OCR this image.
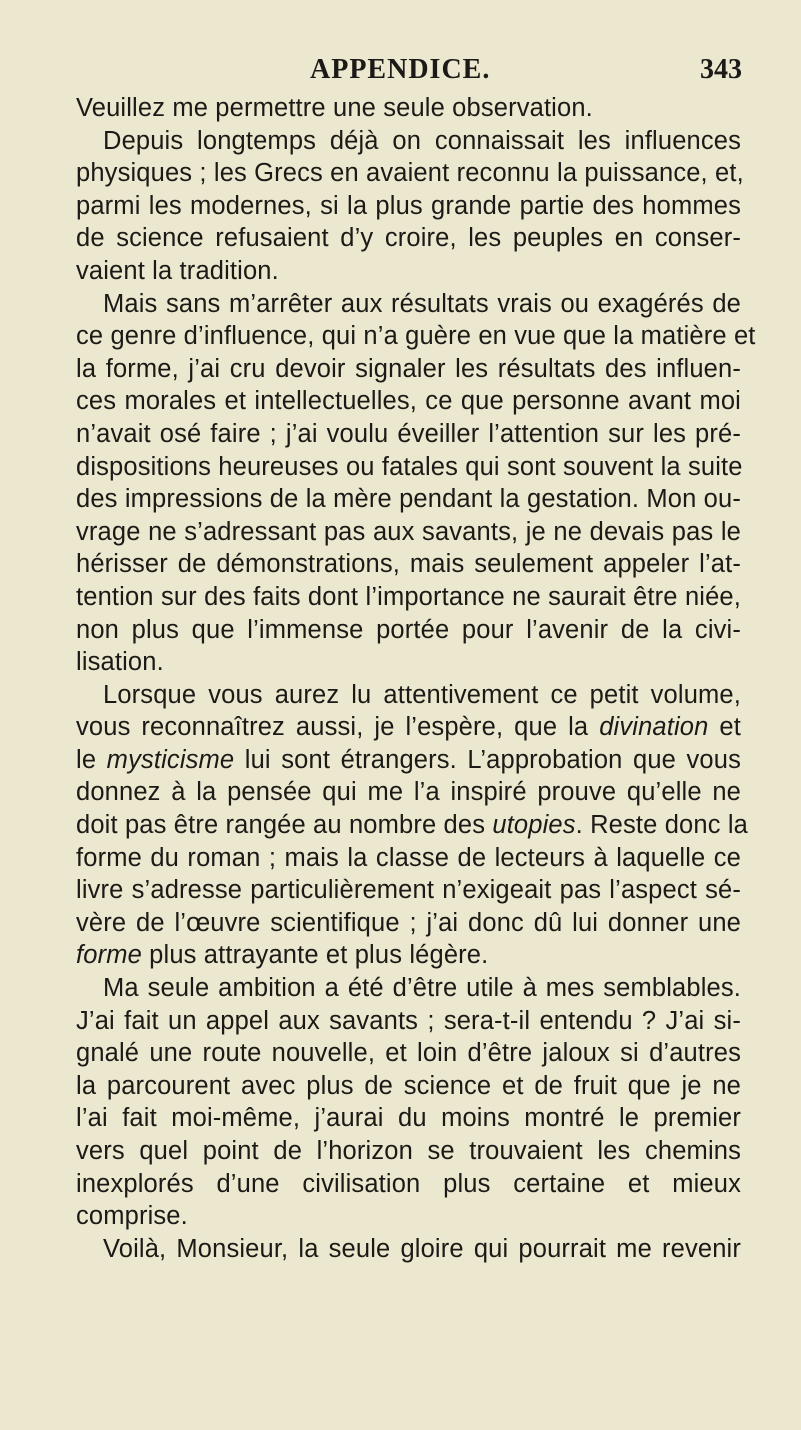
APPENDICE.	343
Veuillez me permettre une seule observation.
Depuis longtemps déjà on connaissait les influences
physiques ; les Grecs en avaient reconnu la puissance, et,
parmi les modernes, si la plus grande partie des hommes
de science refusaient d’y croire, les peuples en conser-
vaient la tradition.
Mais sans m’arrêter aux résultats vrais ou exagérés de
ce genre d’influence, qui n’a guère en vue que la matière et
la forme, j’ai cru devoir signaler les résultats des influen-
ces morales et intellectuelles, ce que personne avant moi
n’avait osé faire ; j’ai voulu éveiller l’attention sur les pré-
dispositions heureuses ou fatales qui sont souvent la suite
des impressions de la mère pendant la gestation. Mon ou-
vrage ne s’adressant pas aux savants, je ne devais pas le
hérisser de démonstrations, mais seulement appeler l’at-
tention sur des faits dont l’importance ne saurait être niée,
non plus que l’immense portée pour l’avenir de la civi-
lisation.
Lorsque vous aurez lu attentivement ce petit volume,
vous reconnaîtrez aussi, je l’espère, que la divination et
le mysticisme lui sont étrangers. L’approbation que vous
donnez à la pensée qui me l’a inspiré prouve qu’elle ne
doit pas être rangée au nombre des utopies. Reste donc la
forme du roman ; mais la classe de lecteurs à laquelle ce
livre s’adresse particulièrement n’exigeait pas l’aspect sé-
vère de l’œuvre scientifique ; j’ai donc dû lui donner une
forme plus attrayante et plus légère.
Ma seule ambition a été d’être utile à mes semblables.
J’ai fait un appel aux savants ; sera-t-il entendu ? J’ai si-
gnalé une route nouvelle, et loin d’être jaloux si d’autres
la parcourent avec plus de science et de fruit que je ne
l’ai fait moi-même, j’aurai du moins montré le premier
vers quel point de l’horizon se trouvaient les chemins
inexplorés d’une civilisation plus certaine et mieux
comprise.
Voilà, Monsieur, la seule gloire qui pourrait me revenir
